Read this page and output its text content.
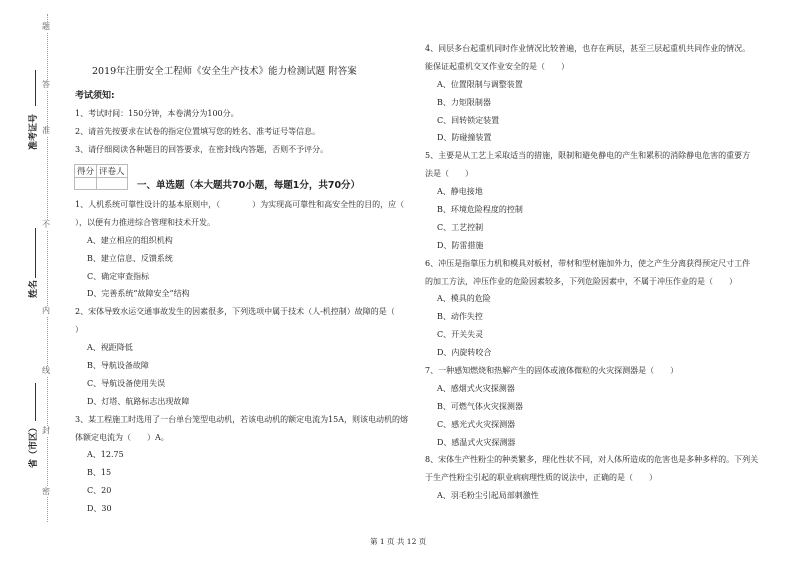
题
答
准
不
内
线
封
密
准考证号
姓名
省（市区）
2019年注册安全工程师《安全生产技术》能力检测试题 附答案
考试须知:
1、考试时间：150分钟，本卷满分为100分。
2、请首先按要求在试卷的指定位置填写您的姓名、准考证号等信息。
3、请仔细阅读各种题目的回答要求，在密封线内答题，否则不予评分。
得分	评卷人

一、单选题（本大题共70小题，每题1分，共70分）
1、人机系统可靠性设计的基本原则中，（　　　　）为实现高可靠性和高安全性的目的，应（
），以便有力推进综合管理和技术开发。
A、建立相应的组织机构
B、建立信息、反馈系统
C、确定审查指标
D、完善系统“故障安全”结构
2、宋体导致水运交通事故发生的因素很多，下列选项中属于技术（人-机控制）故障的是（
）
A、视距降低
B、导航设备故障
C、导航设备使用失误
D、灯塔、航路标志出现故障
3、某工程施工时选用了一台单台笼型电动机，若该电动机的额定电流为15A，则该电动机的熔
体额定电流为（　　）A。
A、12.75
B、15
C、20
D、30
4、同层多台起重机同时作业情况比较普遍，也存在两层，甚至三层起重机共同作业的情况。
能保证起重机交叉作业安全的是（　　）
A、位置限制与调整装置
B、力矩限制器
C、回转锁定装置
D、防碰撞装置
5、主要是从工艺上采取适当的措施，限制和避免静电的产生和累积的消除静电危害的重要方
法是（　　）
A、静电接地
B、环境危险程度的控制
C、工艺控制
D、防雷措施
6、冲压是指靠压力机和模具对板材，带材和型材施加外力，使之产生分离获得预定尺寸工件
的加工方法，冲压作业的危险因素较多，下列危险因素中，不属于冲压作业的是（　　）
A、模具的危险
B、动作失控
C、开关失灵
D、内旋转咬合
7、一种感知燃烧和热解产生的固体或液体微粒的火灾探测器是（　　）
A、感烟式火灾探测器
B、可燃气体火灾探测器
C、感光式火灾探测器
D、感温式火灾探测器
8、宋体生产性粉尘的种类繁多，理化性状不同，对人体所造成的危害也是多种多样的。下列关
于生产性粉尘引起的职业病病理性质的说法中，正确的是（　　）
A、羽毛粉尘引起局部刺激性
第 1 页 共 12 页
